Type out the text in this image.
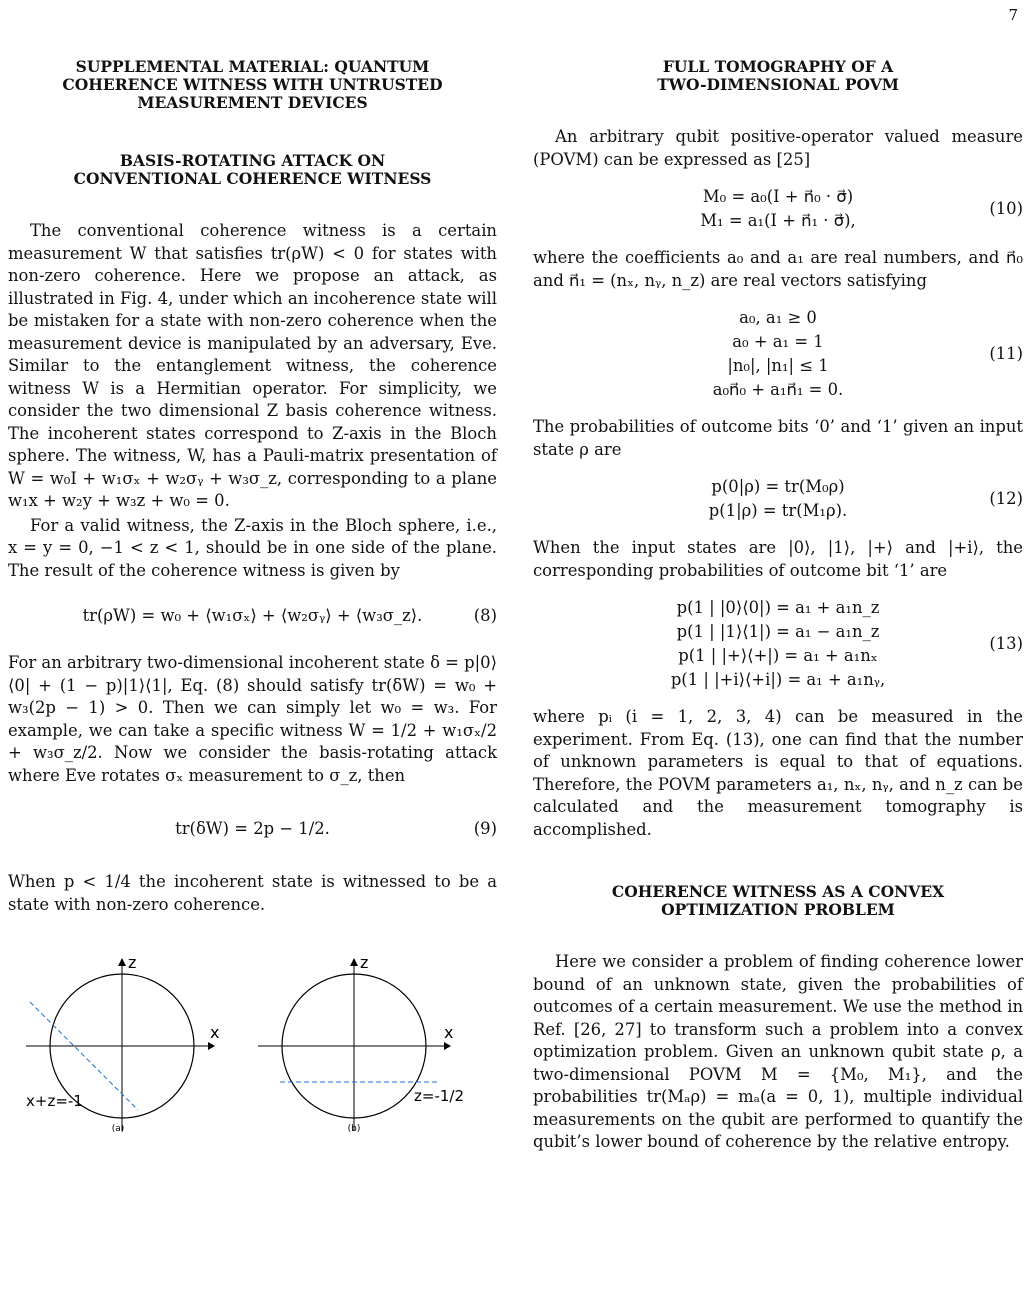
7
SUPPLEMENTAL MATERIAL: QUANTUM
COHERENCE WITNESS WITH UNTRUSTED
MEASUREMENT DEVICES
BASIS-ROTATING ATTACK ON
CONVENTIONAL COHERENCE WITNESS

The conventional coherence witness is a certain measurement W that satisfies tr(ρW) < 0 for states with non-zero coherence. Here we propose an attack, as illustrated in Fig. 4, under which an incoherence state will be mistaken for a state with non-zero coherence when the measurement device is manipulated by an adversary, Eve. Similar to the entanglement witness, the coherence witness W is a Hermitian operator. For simplicity, we consider the two dimensional Z basis coherence witness. The incoherent states correspond to Z-axis in the Bloch sphere. The witness, W, has a Pauli-matrix presentation of W = w₀I + w₁σₓ + w₂σᵧ + w₃σ_z, corresponding to a plane w₁x + w₂y + w₃z + w₀ = 0.

For a valid witness, the Z-axis in the Bloch sphere, i.e., x = y = 0, −1 < z < 1, should be in one side of the plane. The result of the coherence witness is given by

tr(ρW) = w₀ + ⟨w₁σₓ⟩ + ⟨w₂σᵧ⟩ + ⟨w₃σ_z⟩.	(8)

For an arbitrary two-dimensional incoherent state δ = p|0⟩⟨0| + (1 − p)|1⟩⟨1|, Eq. (8) should satisfy tr(δW) = w₀ + w₃(2p − 1) > 0. Then we can simply let w₀ = w₃. For example, we can take a specific witness W = 1/2 + w₁σₓ/2 + w₃σ_z/2. Now we consider the basis-rotating attack where Eve rotates σₓ measurement to σ_z, then

tr(δW) = 2p − 1/2.	(9)

When p < 1/4 the incoherent state is witnessed to be a state with non-zero coherence.

z
x
x+z=-1
(a)
z
x
z=-1/2
(b)
FULL TOMOGRAPHY OF A
TWO-DIMENSIONAL POVM

An arbitrary qubit positive-operator valued measure (POVM) can be expressed as [25]

M₀ = a₀(I + n⃗₀ · σ⃗)
M₁ = a₁(I + n⃗₁ · σ⃗),
(10)

where the coefficients a₀ and a₁ are real numbers, and n⃗₀ and n⃗₁ = (nₓ, nᵧ, n_z) are real vectors satisfying

a₀, a₁ ≥ 0
a₀ + a₁ = 1
|n₀|, |n₁| ≤ 1
a₀n⃗₀ + a₁n⃗₁ = 0.
(11)

The probabilities of outcome bits ‘0’ and ‘1’ given an input state ρ are

p(0|ρ) = tr(M₀ρ)
p(1|ρ) = tr(M₁ρ).
(12)

When the input states are |0⟩, |1⟩, |+⟩ and |+i⟩, the corresponding probabilities of outcome bit ‘1’ are

p(1 | |0⟩⟨0|) = a₁ + a₁n_z
p(1 | |1⟩⟨1|) = a₁ − a₁n_z
p(1 | |+⟩⟨+|) = a₁ + a₁nₓ
p(1 | |+i⟩⟨+i|) = a₁ + a₁nᵧ,
(13)

where pᵢ (i = 1, 2, 3, 4) can be measured in the experiment. From Eq. (13), one can find that the number of unknown parameters is equal to that of equations. Therefore, the POVM parameters a₁, nₓ, nᵧ, and n_z can be calculated and the measurement tomography is accomplished.

COHERENCE WITNESS AS A CONVEX
OPTIMIZATION PROBLEM

Here we consider a problem of finding coherence lower bound of an unknown state, given the probabilities of outcomes of a certain measurement. We use the method in Ref. [26, 27] to transform such a problem into a convex optimization problem. Given an unknown qubit state ρ, a two-dimensional POVM M = {M₀, M₁}, and the probabilities tr(Mₐρ) = mₐ(a = 0, 1), multiple individual measurements on the qubit are performed to quantify the qubit’s lower bound of coherence by the relative entropy.
